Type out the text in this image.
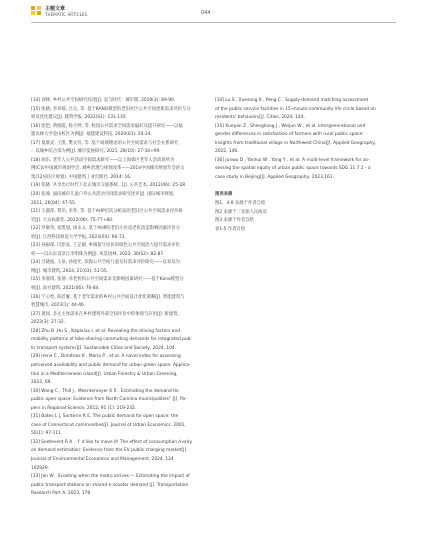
主题文章
THEMATIC ARTICLES	044
[14] 刘林. 乡村公共空间研究综述[J]. 美与时代：城市版, 2019(3): 89-90.
[15] 张晓, 李章郁, 吕元, 等. 基于KANO模型的老旧社区公共空间更新需求评价与分
析及优化建议[J]. 建筑学报, 2022(S1): 131-135.
[16] 张恺, 黄晓霞, 杨天婷, 等. 校园公共需求空间需求偏好及提升研究——以福
建农林大学金山校区为例[J]. 福建建设科技, 2020(03): 20-24.
[17] 夏联灵, 王凯, 樊文有, 等. 基于场域理论的公共空间需求与社会关系研究
：以城乡结合部为例[J]. 城市发展研究, 2021, 28(10): 27-34+99.
[18] 胡东, 老年人公共活动空间需求研究——以上海郊区老年人活动场所为
例[C]//中国城市规划学会. 城乡治理与规划改革——2014中国城市规划年会论文
集(12居住区规划). 中国建筑工业出版社, 2014: 16.
[19] 张晓. 共享出行时代下北京城市交通系统...[J]. 公共艺术, 2012(06): 25-28.
[20] 张瑜. 面向城市儿童户外公共活动空间需求研究述评[J]. 国际城市规划,
2011, 26(04): 47-55.
[21] 王淑萍, 覃功, 李冬, 等. 基于AHP层次分析法的老旧区公共空间需求评价研
究[J]. 大众标准化, 2022(06): 75-77+80.
[22] 罗敏英, 张凯旭, 徐永义. 基于AHP的老旧小区适老化改造影响因素评价分
析[J]. 江西科技师范大学学报, 2023(03): 66-73.
[23] 孙振琛, 闫治安, 王芷毅. 乡镇留守居民的绿色公共空间活力提升需求评价
析——以山东省章丘市明珠为例[J]. 风景园林, 2023, 30(S2): 82-87.
[24] 吕晓波, 王泉, 孙旭光. 滨海公共空间儿童友好需求评价研究——以青岛为
例[J]. 城市建筑, 2024, 21(03): 51-55.
[25] 李嘉琪, 张倩. 养老机构公共空间需求及影响因素研究——基于Kano模型分
析[J]. 南方建筑, 2021(06): 76-84.
[26] 宁心怡, 陈若雁. 基于老年需求的乡村公共空间设计优化策略[J]. 智能建筑与
智慧城市, 2023(1): 44-46.
[27] 萧园. 多元主体需求在乡村建筑外部空间评价中的体现与应用[J]. 新建筑,
2023(3): 27-32.
[28] Zhu B ,Hu S , Kaparias I, et al. Revealing the driving factors and
mobility patterns of bike-sharing commuting demands for integrated pub-
lic transport systems[J]. Sustainable Cities and Society, 2024, 104.
[29] Irene C , Dimitrios K , Maria P , et al. A novel index for assessing
perceived availability and public demand for urban green space: Applica-
tion in a Mediterranean island[J]. Urban Forestry & Urban Greening,
2022, 69.
[30] Wang C , Thill J , Meentemeyer K R . Estimating the demand for
public open space: Evidence from North Carolina municipalities” [J]. Pa-
pers in Regional Science, 2012, 91 (1): 219-232.
[31] Bates L J, Santerre R E. The public demand for open space: the
case of Connecticut communities[J]. Journal of Urban Economics, 2001,
50(1): 97-111.
[32] Soetevent R A . ‘I’ d like to move it! The effect of consumption rivalry
on demand estimation: Evidence from the EV public charging market[J].
Journal of Environmental Economics and Management, 2024, 124
102929.
[33] Jan W . Scooting when the metro arrives — Estimating the impact of
public transport stations on shared e-scooter demand [J]. Transportation
Research Part A, 2023, 178
[34] Lu S , Xuesong K , Peng C . Supply-demand matching assessment
of the public service facilities in 15-minute community life circle based on
residents’ behaviors[J]. Cities, 2024, 144.
[35] Xueyan Z , Shengliang J , Weijun W , et al. Intergenerational and
gender differences in satisfaction of farmers with rural public space:
Insights from traditional village in Northwest China[J]. Applied Geography,
2022, 146.
[36] Junwu D , Yanhui W , Yang Y , et al. A multi-level framework for as-
sessing the spatial equity of urban public space towards SDG 11.7.1 - a
case study in Beijing[J]. Applied Geography, 2023,161.
图表来源
图1、4-8 来源于作者自绘
图2 来源于三亚旅人民政府
图3 来源于作者自绘
表1-5 作者自绘
